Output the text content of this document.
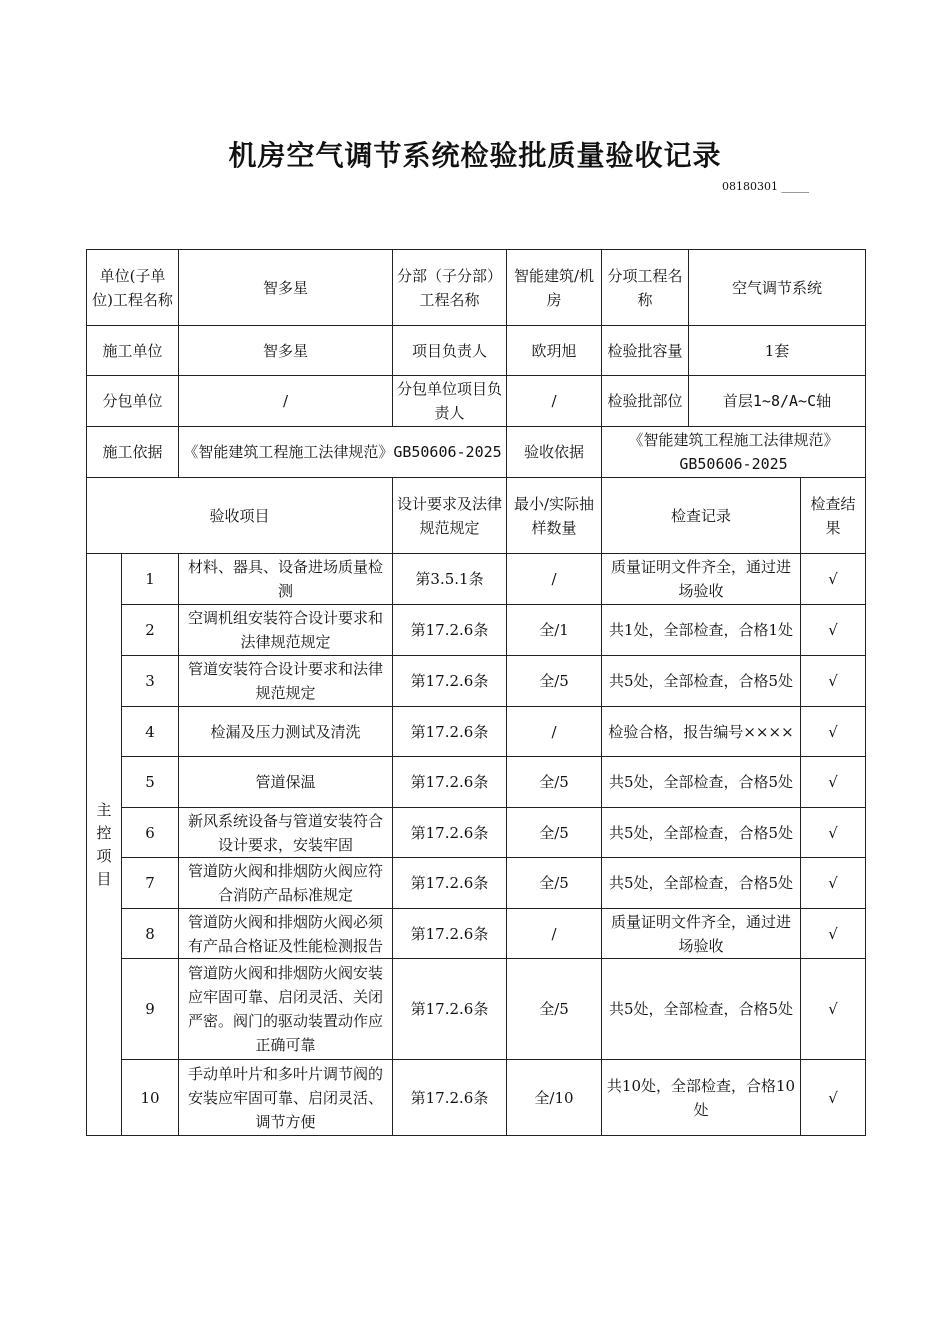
机房空气调节系统检验批质量验收记录
08180301 _____
单位(子单位)工程名称		智多星	分部（子分部）工程名称	智能建筑/机房	分项工程名称	空气调节系统	
施工单位		智多星	项目负责人	欧玥旭	检验批容量	1套	
分包单位		/	分包单位项目负责人	/	检验批部位	首层1~8/A~C轴	
施工依据		《智能建筑工程施工法律规范》GB50606-2025		验收依据	《智能建筑工程施工法律规范》GB50606-2025		
验收项目			设计要求及法律规范规定	最小/实际抽样数量	检查记录		检查结果

主
控
项
目	1	材料、器具、设备进场质量检测	第3.5.1条	/	质量证明文件齐全，通过进场验收		√
	2	空调机组安装符合设计要求和法律规范规定	第17.2.6条	全/1	共1处，全部检查，合格1处		√
	3	管道安装符合设计要求和法律规范规定	第17.2.6条	全/5	共5处，全部检查，合格5处		√
	4	检漏及压力测试及清洗	第17.2.6条	/	检验合格，报告编号××××		√
	5	管道保温	第17.2.6条	全/5	共5处，全部检查，合格5处		√
	6	新风系统设备与管道安装符合设计要求，安装牢固	第17.2.6条	全/5	共5处，全部检查，合格5处		√
	7	管道防火阀和排烟防火阀应符合消防产品标准规定	第17.2.6条	全/5	共5处，全部检查，合格5处		√
	8	管道防火阀和排烟防火阀必须有产品合格证及性能检测报告	第17.2.6条	/	质量证明文件齐全，通过进场验收		√
	9	管道防火阀和排烟防火阀安装应牢固可靠、启闭灵活、关闭严密。阀门的驱动装置动作应正确可靠	第17.2.6条	全/5	共5处，全部检查，合格5处		√
	10	手动单叶片和多叶片调节阀的安装应牢固可靠、启闭灵活、调节方便	第17.2.6条	全/10	共10处，全部检查，合格10处		√
